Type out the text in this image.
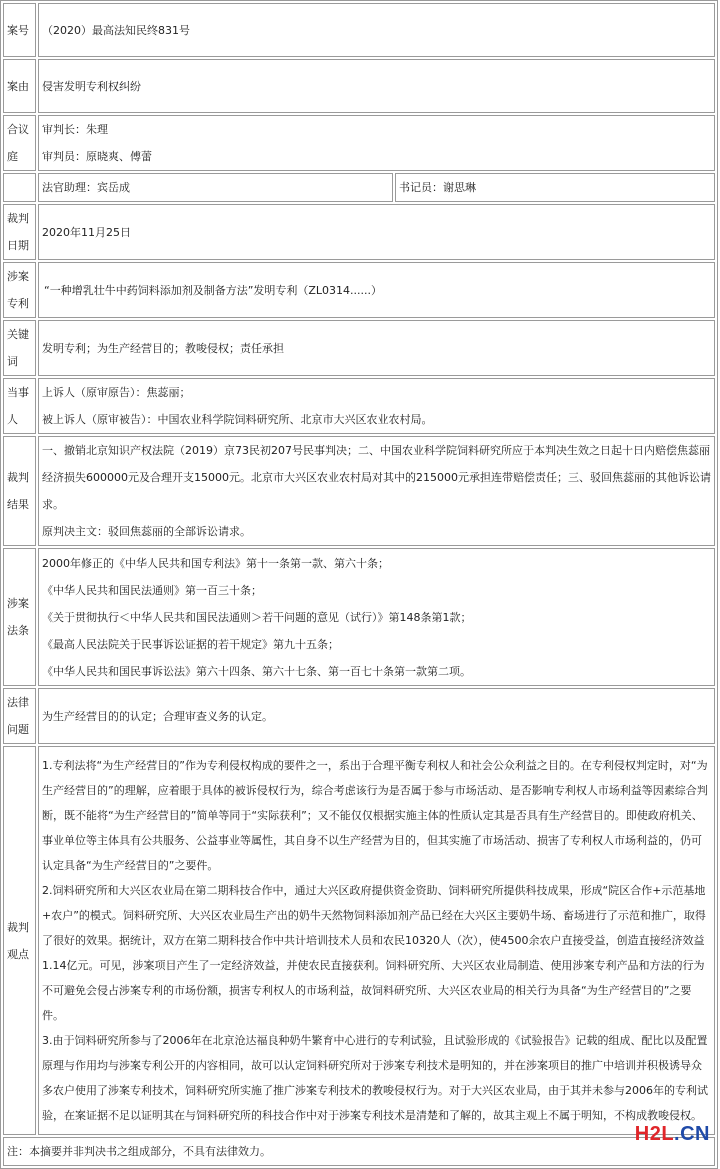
案号	（2020）最高法知民终831号	
案由	侵害发明专利权纠纷	
合议庭	审判长：朱理
审判员：原晓爽、傅蕾	

	法官助理：宾岳成	书记员：谢思琳
裁判日期	2020年11月25日	
涉案专利	“一种增乳壮牛中药饲料添加剂及制备方法”发明专利（ZL0314......）	

关键词	发明专利；为生产经营目的；教唆侵权；责任承担	
当事人	上诉人（原审原告）：焦蕊丽；
被上诉人（原审被告）：中国农业科学院饲料研究所、北京市大兴区农业农村局。	

裁判结果	一、撤销北京知识产权法院（2019）京73民初207号民事判决；二、中国农业科学院饲料研究所应于本判决生效之日起十日内赔偿焦蕊丽经济损失600000元及合理开支15000元。北京市大兴区农业农村局对其中的215000元承担连带赔偿责任；三、驳回焦蕊丽的其他诉讼请求。
原判决主文：驳回焦蕊丽的全部诉讼请求。	

涉案法条	2000年修正的《中华人民共和国专利法》第十一条第一款、第六十条；
《中华人民共和国民法通则》第一百三十条；
《关于贯彻执行＜中华人民共和国民法通则＞若干问题的意见（试行）》第148条第1款；
《最高人民法院关于民事诉讼证据的若干规定》第九十五条；
《中华人民共和国民事诉讼法》第六十四条、第六十七条、第一百七十条第一款第二项。	

法律问题	为生产经营目的的认定；合理审查义务的认定。	
裁判观点	1.专利法将“为生产经营目的”作为专利侵权构成的要件之一，系出于合理平衡专利权人和社会公众利益之目的。在专利侵权判定时，对“为生产经营目的”的理解，应着眼于具体的被诉侵权行为，综合考虑该行为是否属于参与市场活动、是否影响专利权人市场利益等因素综合判断，既不能将“为生产经营目的”简单等同于“实际获利”；又不能仅仅根据实施主体的性质认定其是否具有生产经营目的。即使政府机关、事业单位等主体具有公共服务、公益事业等属性，其自身不以生产经营为目的，但其实施了市场活动、损害了专利权人市场利益的，仍可认定具备“为生产经营目的”之要件。
2.饲料研究所和大兴区农业局在第二期科技合作中，通过大兴区政府提供资金资助、饲料研究所提供科技成果，形成“院区合作+示范基地+农户”的模式。饲料研究所、大兴区农业局生产出的奶牛天然物饲料添加剂产品已经在大兴区主要奶牛场、畜场进行了示范和推广，取得了很好的效果。据统计，双方在第二期科技合作中共计培训技术人员和农民10320人（次），使4500余农户直接受益，创造直接经济效益1.14亿元。可见，涉案项目产生了一定经济效益，并使农民直接获利。饲料研究所、大兴区农业局制造、使用涉案专利产品和方法的行为不可避免会侵占涉案专利的市场份额，损害专利权人的市场利益，故饲料研究所、大兴区农业局的相关行为具备“为生产经营目的”之要件。
3.由于饲料研究所参与了2006年在北京沧达福良种奶牛繁育中心进行的专利试验，且试验形成的《试验报告》记载的组成、配比以及配置原理与作用均与涉案专利公开的内容相同，故可以认定饲料研究所对于涉案专利技术是明知的，并在涉案项目的推广中培训并积极诱导众多农户使用了涉案专利技术，饲料研究所实施了推广涉案专利技术的教唆侵权行为。对于大兴区农业局，由于其并未参与2006年的专利试验，在案证据不足以证明其在与饲料研究所的科技合作中对于涉案专利技术是清楚和了解的，故其主观上不属于明知，不构成教唆侵权。	

注：本摘要并非判决书之组成部分，不具有法律效力。		
H2L.CN
